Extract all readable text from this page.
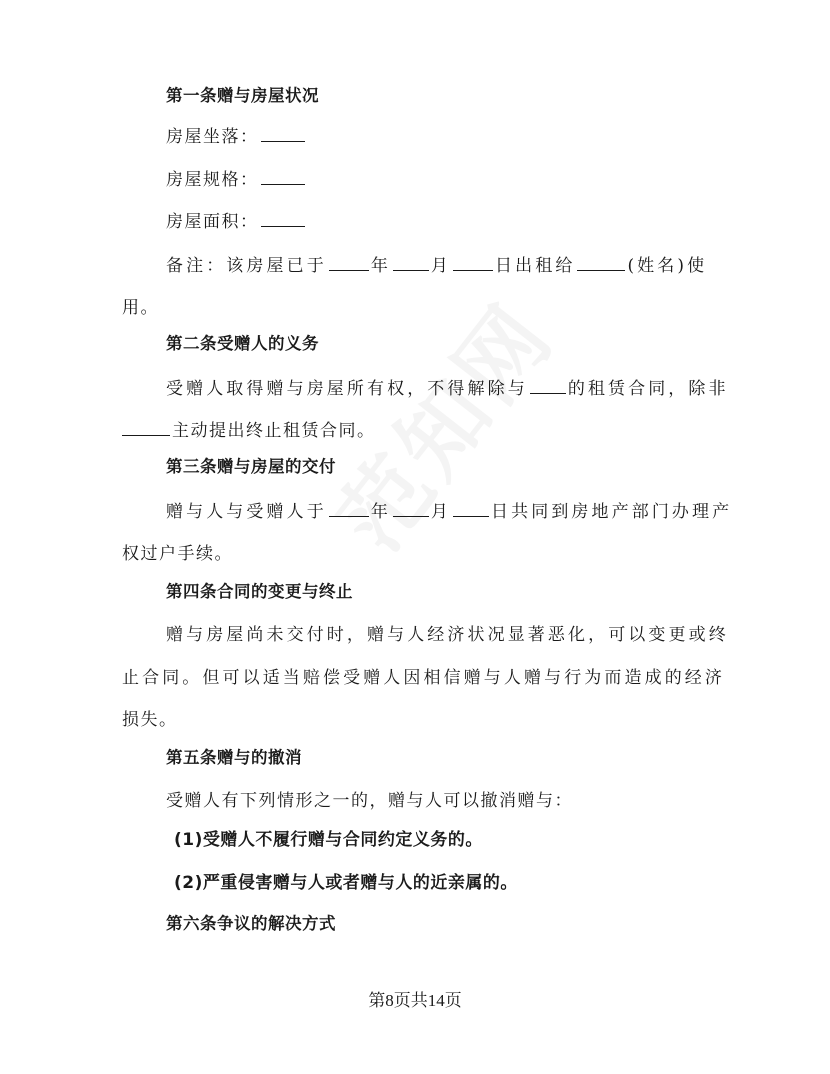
第一条赠与房屋状况
房屋坐落：
房屋规格：
房屋面积：
备注：该房屋已于	年 月	日出租给	(姓名)使
用。
第二条受赠人的义务
受赠人取得赠与房屋所有权，不得解除与 的租赁合同，除非
主动提出终止租赁合同。
第三条赠与房屋的交付
赠与人与受赠人于	年 月 日共同到房地产部门办理产
权过户手续。
第四条合同的变更与终止
赠与房屋尚未交付时，赠与人经济状况显著恶化，可以变更或终
止合同。但可以适当赔偿受赠人因相信赠与人赠与行为而造成的经济
损失。
第五条赠与的撤消
受赠人有下列情形之一的，赠与人可以撤消赠与：
(1)受赠人不履行赠与合同约定义务的。
(2)严重侵害赠与人或者赠与人的近亲属的。
第六条争议的解决方式
第8页共14页
